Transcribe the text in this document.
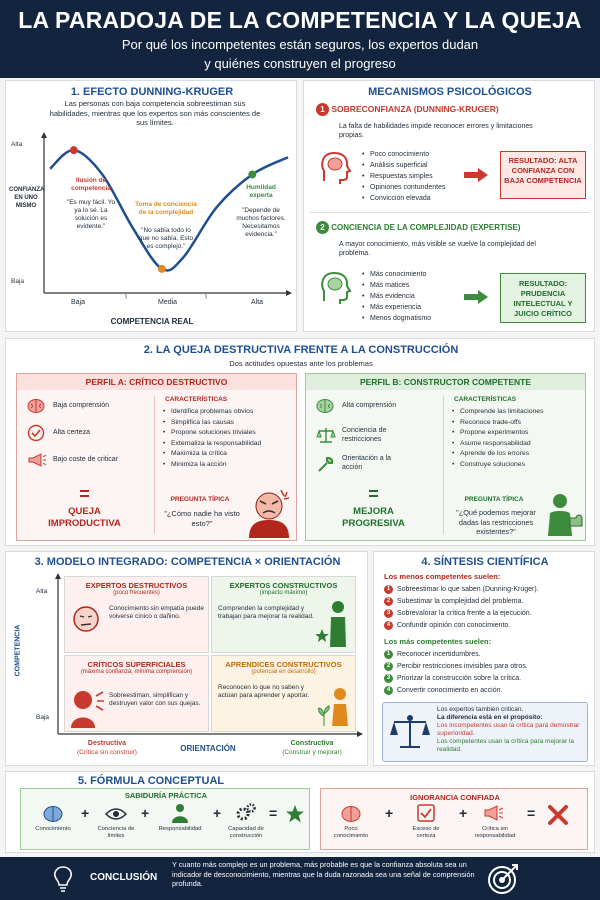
LA PARADOJA DE LA COMPETENCIA Y LA QUEJA
Por qué los incompetentes están seguros, los expertos dudan
y quiénes construyen el progreso
1. EFECTO DUNNING-KRUGER
Las personas con baja competencia sobreestiman sus habilidades, mientras que los expertos son más conscientes de sus límites.
Alta
CONFIANZA EN UNO MISMO
Baja
Ilusión de competencia
"Es muy fácil. Yo ya lo sé. La solución es evidente."
Toma de conciencia de la complejidad
"No sabía todo lo que no sabía. Esto es complejo."
Humildad experta
"Depende de muchos factores. Necesitamos evidencia."
Baja	Media	Alta
COMPETENCIA REAL
MECANISMOS PSICOLÓGICOS
1 SOBRECONFIANZA (DUNNING-KRUGER)
La falta de habilidades impide reconocer errores y limitaciones propias.
• Poco conocimiento
• Análisis superficial
• Respuestas simples
• Opiniones contundentes
• Convicción elevada
RESULTADO: ALTA CONFIANZA CON BAJA COMPETENCIA
2 CONCIENCIA DE LA COMPLEJIDAD (EXPERTISE)
A mayor conocimiento, más visible se vuelve la complejidad del problema.
• Más conocimiento
• Más matices
• Más evidencia
• Más experiencia
• Menos dogmatismo
RESULTADO: PRUDENCIA INTELECTUAL Y JUICIO CRÍTICO
2. LA QUEJA DESTRUCTIVA FRENTE A LA CONSTRUCCIÓN
Dos actitudes opuestas ante los problemas
PERFIL A: CRÍTICO DESTRUCTIVO
Baja comprensión
Alta certeza
Bajo coste de criticar
=
QUEJA IMPRODUCTIVA
CARACTERÍSTICAS
• Identifica problemas obvios
• Simplifica las causas
• Propone soluciones triviales
• Externaliza la responsabilidad
• Maximiza la crítica
• Minimiza la acción
PREGUNTA TÍPICA
"¿Cómo nadie ha visto esto?"
PERFIL B: CONSTRUCTOR COMPETENTE
Alta comprensión
Conciencia de restricciones
Orientación a la acción
=
MEJORA PROGRESIVA
CARACTERÍSTICAS
• Comprende las limitaciones
• Reconoce trade-offs
• Propone experimentos
• Asume responsabilidad
• Aprende de los errores
• Construye soluciones
PREGUNTA TÍPICA
"¿Qué podemos mejorar dadas las restricciones existentes?"
3. MODELO INTEGRADO: COMPETENCIA × ORIENTACIÓN
Alta
COMPETENCIA
Baja
EXPERTOS DESTRUCTIVOS
(poco frecuentes)
Conocimiento sin empatía puede volverse cínico o dañino.
EXPERTOS CONSTRUCTIVOS
(impacto máximo)
Comprenden la complejidad y trabajan para mejorar la realidad.
CRÍTICOS SUPERFICIALES
(máxima confianza, mínima comprensión)
Sobreestiman, simplifican y destruyen valor con sus quejas.
APRENDICES CONSTRUCTIVOS
(potencial en desarrollo)
Reconocen lo que no saben y actúan para aprender y aportar.
Destructiva
(Crítica sin construir)	ORIENTACIÓN
Constructiva
(Construir y mejorar)
4. SÍNTESIS CIENTÍFICA
Los menos competentes suelen:
1 Sobreestimar lo que saben (Dunning-Kruger).
2 Subestimar la complejidad del problema.
3 Sobrevalorar la crítica frente a la ejecución.
4 Confundir opinión con conocimiento.
Los más competentes suelen:
1 Reconocer incertidumbres.
2 Percibir restricciones invisibles para otros.
3 Priorizar la construcción sobre la crítica.
4 Convertir conocimiento en acción.
Los expertos también critican.
La diferencia está en el propósito:
Los incompetentes usan la crítica para demostrar superioridad.
Los competentes usan la crítica para mejorar la realidad.
5. FÓRMULA CONCEPTUAL
SABIDURÍA PRÁCTICA
Conocimiento
+
Conciencia de límites
+
Responsabilidad
+
Capacidad de construcción
=
IGNORANCIA CONFIADA
Poco conocimiento
+
Exceso de certeza
+
Crítica sin responsabilidad
=
CONCLUSIÓN
Y cuanto más complejo es un problema, más probable es que la confianza absoluta sea un indicador de desconocimiento, mientras que la duda razonada sea una señal de comprensión profunda.
